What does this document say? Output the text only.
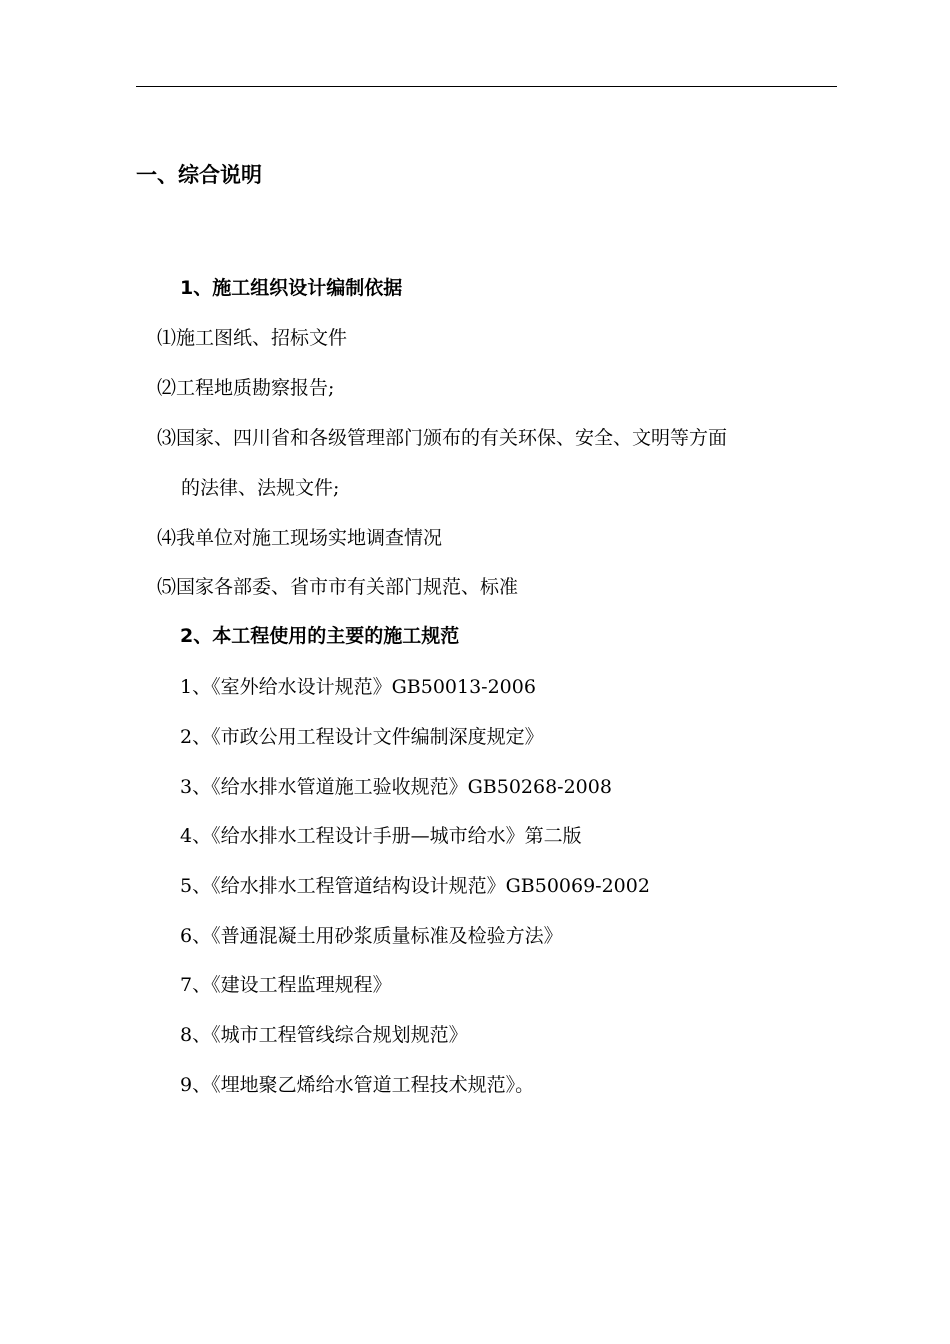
一、综合说明
1、施工组织设计编制依据
⑴施工图纸、招标文件
⑵工程地质勘察报告;
⑶国家、四川省和各级管理部门颁布的有关环保、安全、文明等方面
的法律、法规文件;
⑷我单位对施工现场实地调查情况
⑸国家各部委、省市市有关部门规范、标准
2、本工程使用的主要的施工规范
1、《室外给水设计规范》GB50013-2006
2、《市政公用工程设计文件编制深度规定》
3、《给水排水管道施工验收规范》GB50268-2008
4、《给水排水工程设计手册—城市给水》第二版
5、《给水排水工程管道结构设计规范》GB50069-2002
6、《普通混凝土用砂浆质量标准及检验方法》
7、《建设工程监理规程》
8、《城市工程管线综合规划规范》
9、《埋地聚乙烯给水管道工程技术规范》。
